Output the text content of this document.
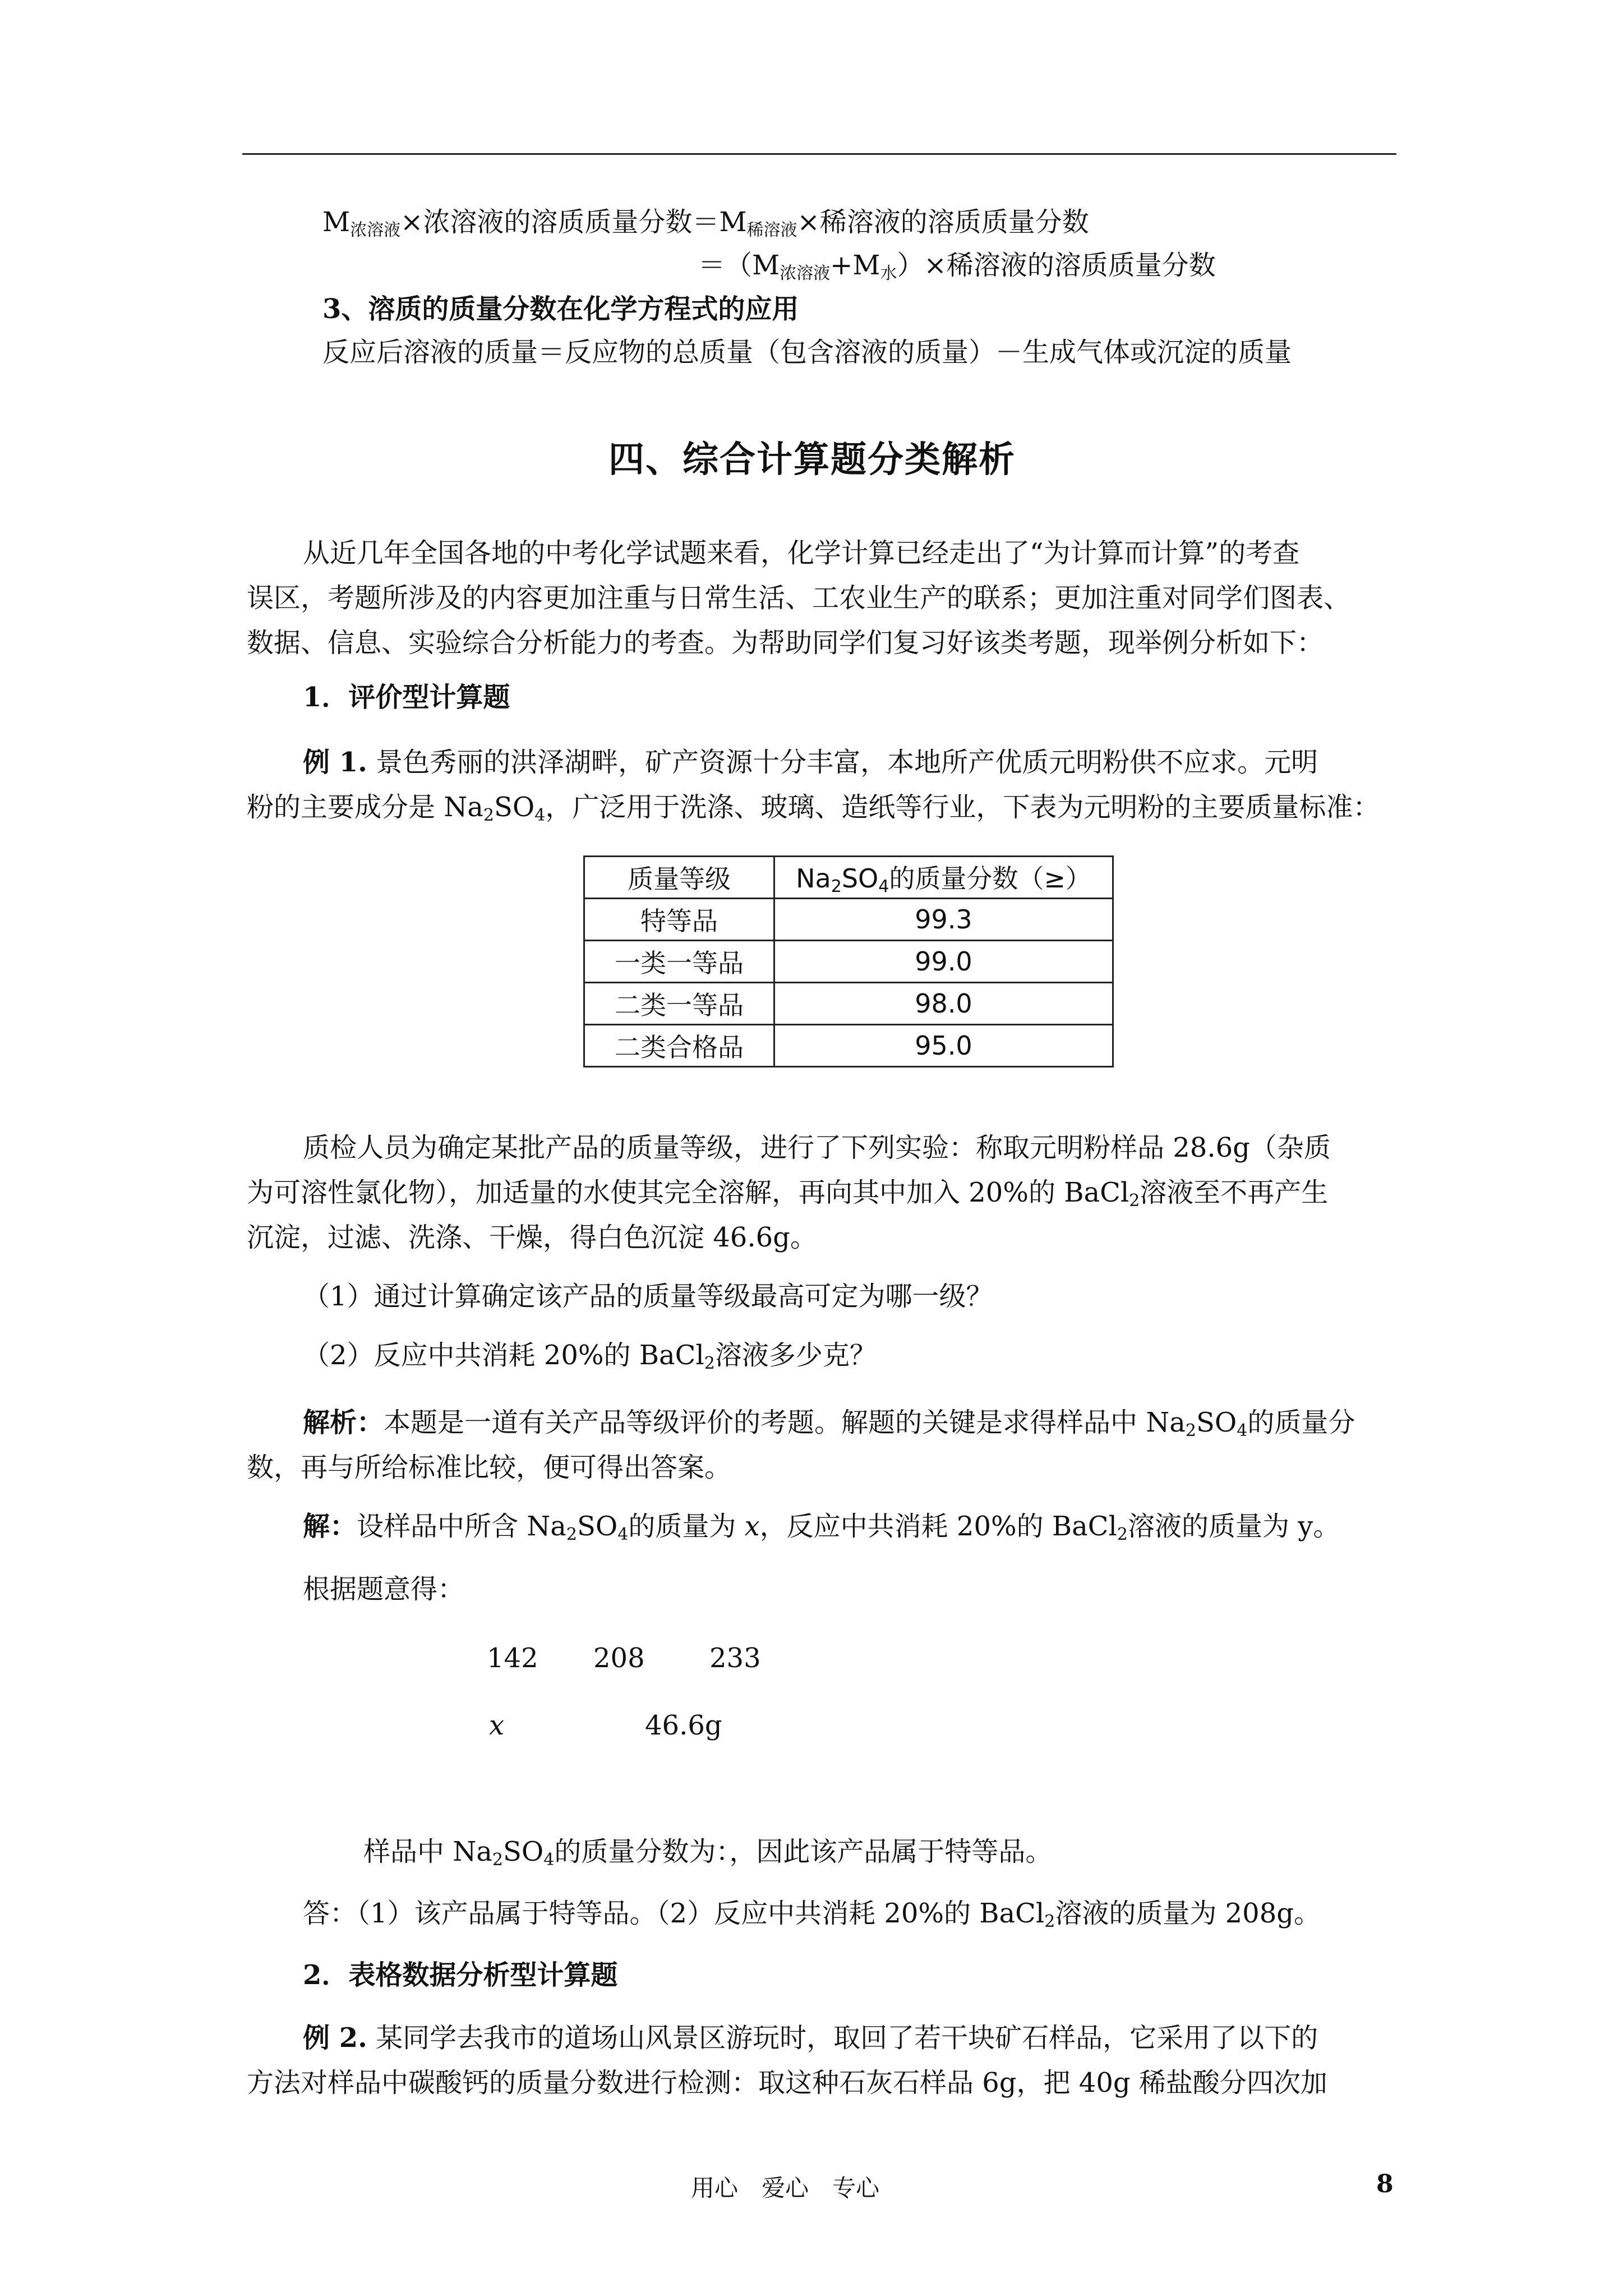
$M_{浓溶液}\times$浓溶液的溶质质量分数$=M_{稀溶液}\times$稀溶液的溶质质量分数
$=(M_{浓溶液}+M_水)\times$稀溶液的溶质质量分数
3、溶质的质量分数在化学方程式的应用
反应后溶液的质量＝反应物的总质量（包含溶液的质量）－生成气体或沉淀的质量
四、综合计算题分类解析
从近几年全国各地的中考化学试题来看，化学计算已经走出了“为计算而计算”的考查
误区，考题所涉及的内容更加注重与日常生活、工农业生产的联系；更加注重对同学们图表、
数据、信息、实验综合分析能力的考查。为帮助同学们复习好该类考题，现举例分析如下：
1．评价型计算题
例 1. 景色秀丽的洪泽湖畔，矿产资源十分丰富，本地所产优质元明粉供不应求。元明
粉的主要成分是 $Na_2SO_4$，广泛用于洗涤、玻璃、造纸等行业，下表为元明粉的主要质量标准：
质量等级	$Na_2SO_4$的质量分数（≥）
特等品	99.3
一类一等品	99.0
二类一等品	98.0
二类合格品	95.0
质检人员为确定某批产品的质量等级，进行了下列实验：称取元明粉样品 28.6g（杂质
为可溶性氯化物），加适量的水使其完全溶解，再向其中加入 20%的 BaCl$_2$溶液至不再产生
沉淀，过滤、洗涤、干燥，得白色沉淀 46.6g。
（1）通过计算确定该产品的质量等级最高可定为哪一级？
（2）反应中共消耗 20%的 BaCl$_2$溶液多少克？
解析：本题是一道有关产品等级评价的考题。解题的关键是求得样品中 $Na_2SO_4$的质量分
数，再与所给标准比较，便可得出答案。
解：设样品中所含 $Na_2SO_4$的质量为 x，反应中共消耗 20%的 BaCl$_2$溶液的质量为 y。
根据题意得：
142 208 233
x	46.6g
样品中 $Na_2SO_4$的质量分数为：，因此该产品属于特等品。
答：（1）该产品属于特等品。（2）反应中共消耗 20%的 BaCl$_2$溶液的质量为 208g。
2．表格数据分析型计算题
例 2. 某同学去我市的道场山风景区游玩时，取回了若干块矿石样品，它采用了以下的
方法对样品中碳酸钙的质量分数进行检测：取这种石灰石样品 6g，把 40g 稀盐酸分四次加
用心　爱心　专心	8
